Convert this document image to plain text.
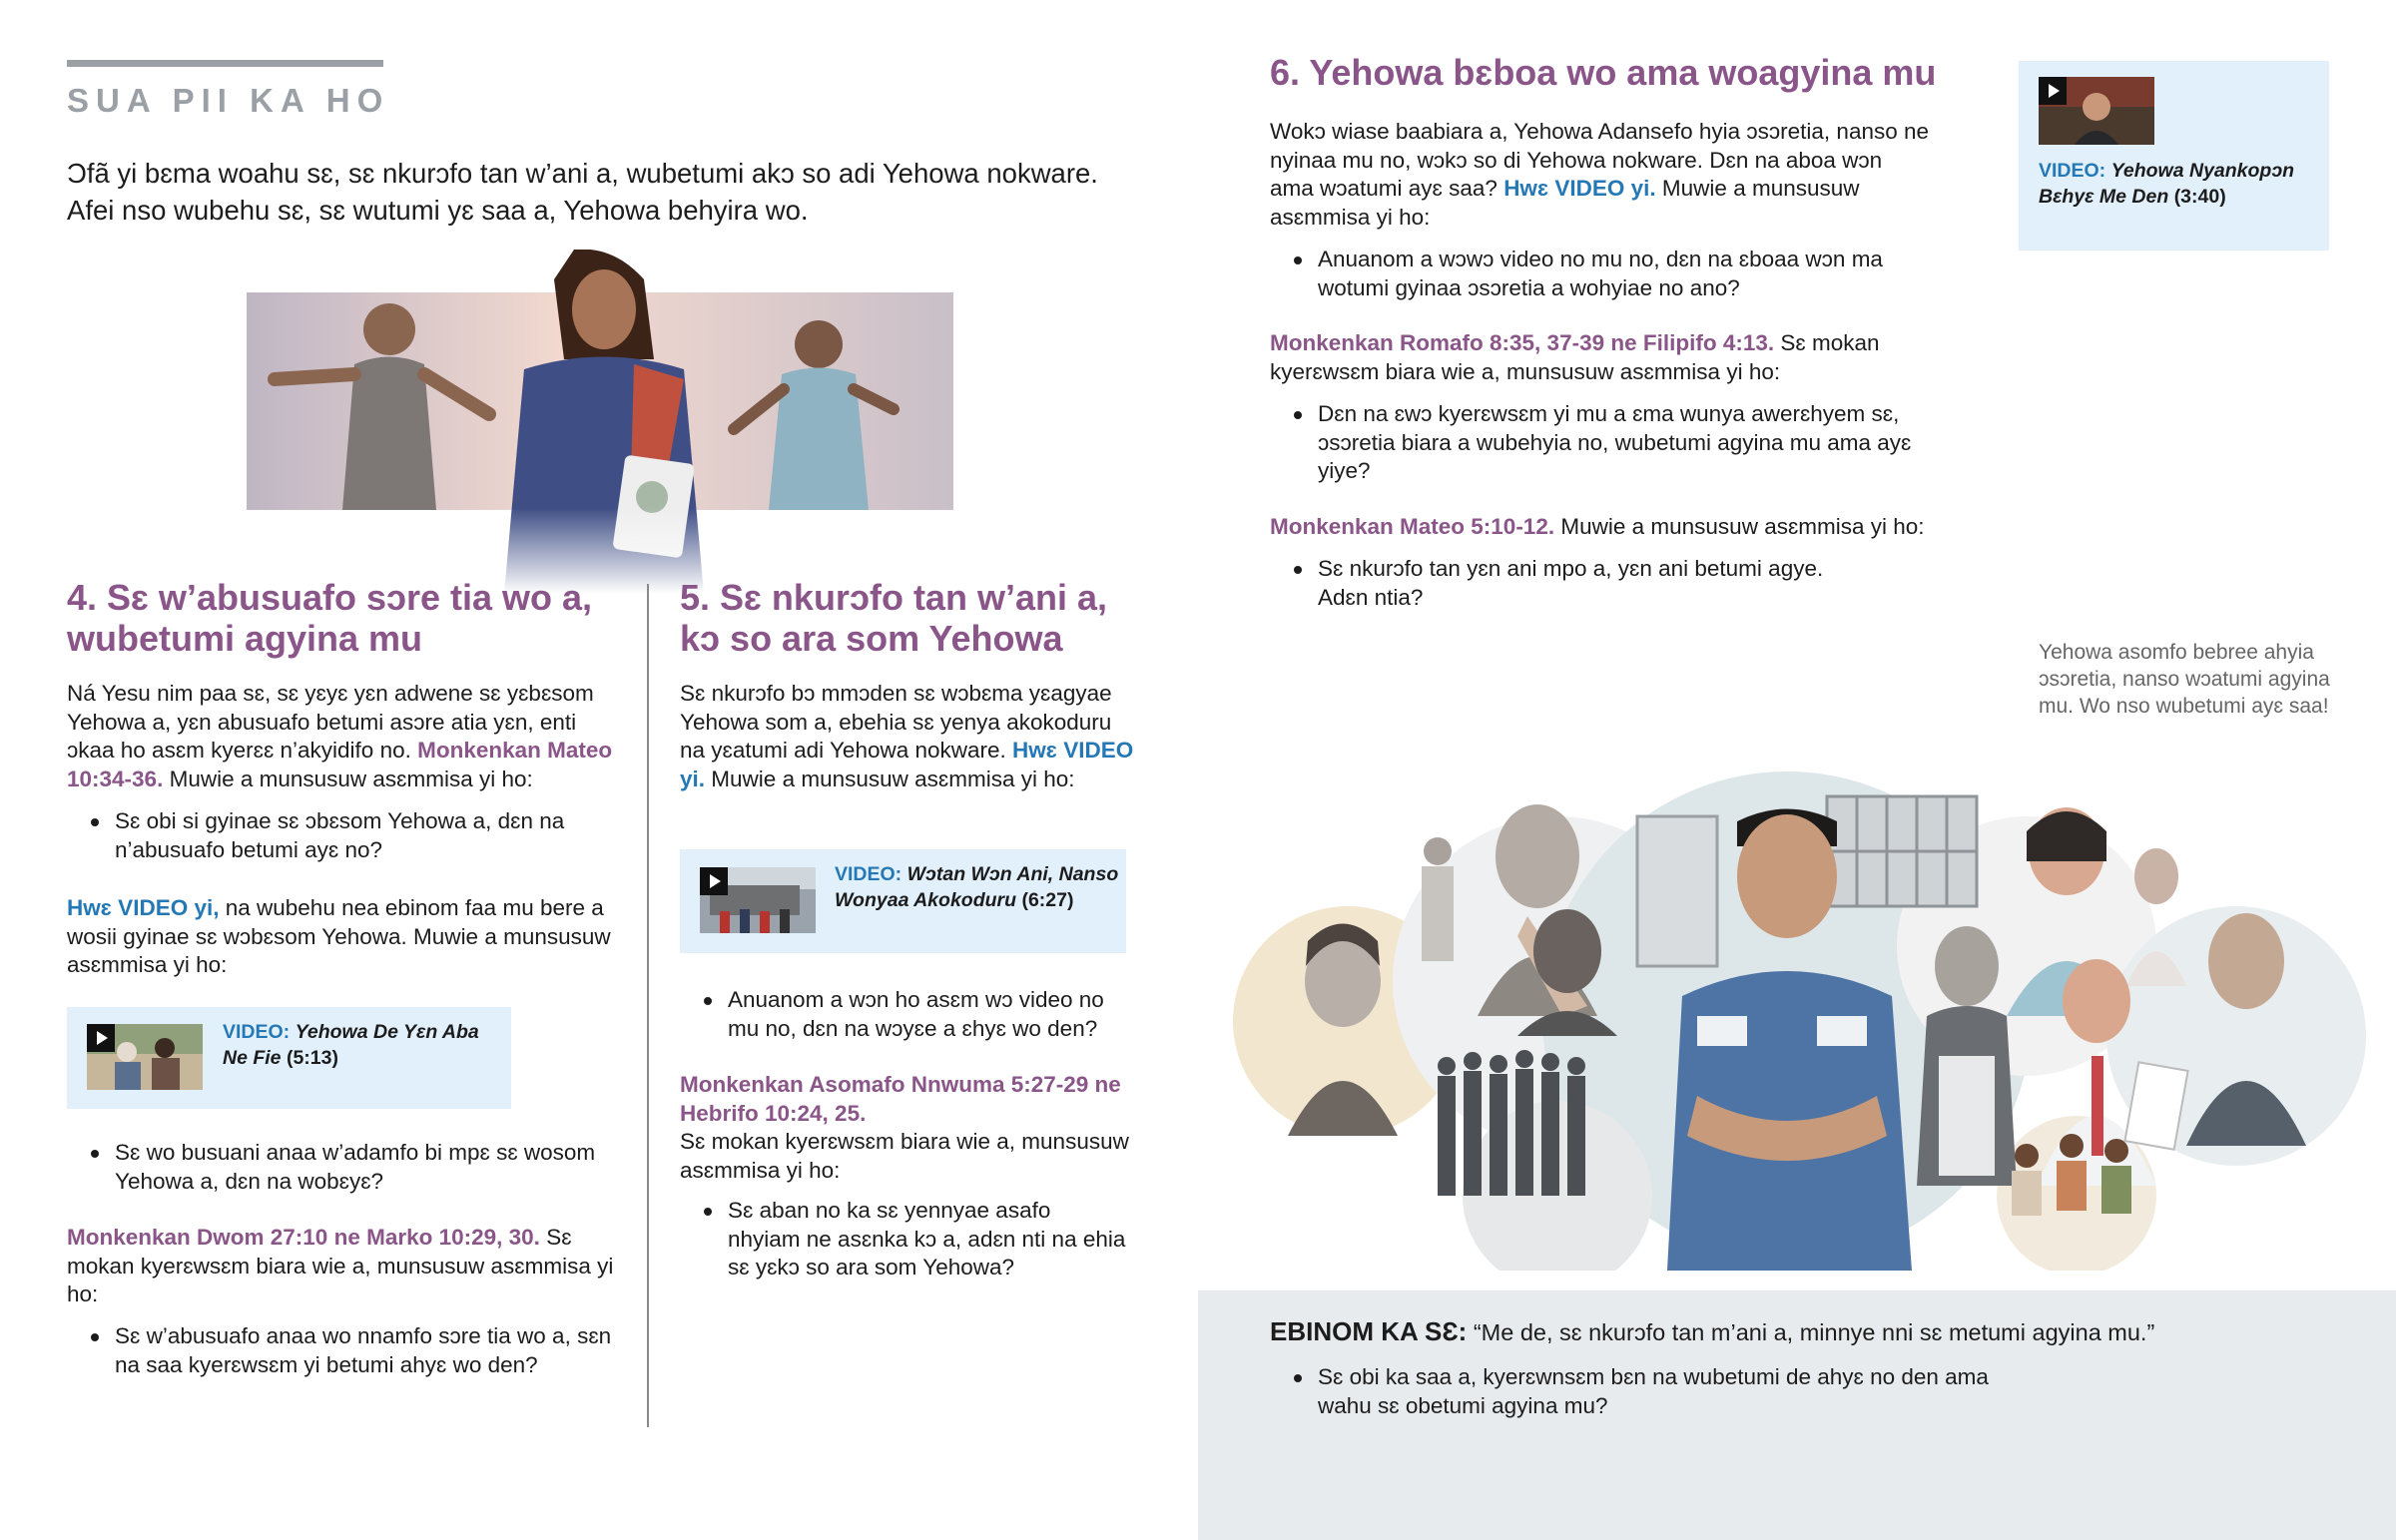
SUA PII KA HO
Ɔfã yi bɛma woahu sɛ, sɛ nkurɔfo tan w’ani a, wubetumi akɔ so adi Yehowa nokware.
Afei nso wubehu sɛ, sɛ wutumi yɛ saa a, Yehowa behyira wo.
4. Sɛ w’abusuafo sɔre tia wo a,
wubetumi agyina mu
Ná Yesu nim paa sɛ, sɛ yɛyɛ yɛn adwene sɛ yɛbɛsom Yehowa a, yɛn abusuafo betumi asɔre atia yɛn, enti ɔkaa ho asɛm kyerɛɛ n’akyidifo no. Monkenkan Mateo 10:34-36. Muwie a munsusuw asɛmmisa yi ho:
Sɛ obi si gyinae sɛ ɔbɛsom Yehowa a, dɛn na n’abusuafo betumi ayɛ no?
Hwɛ VIDEO yi, na wubehu nea ebinom faa mu bere a wosii gyinae sɛ wɔbɛsom Yehowa. Muwie a munsusuw asɛmmisa yi ho:
VIDEO: Yehowa De Yɛn Aba Ne Fie (5:13)
Sɛ wo busuani anaa w’adamfo bi mpɛ sɛ wosom Yehowa a, dɛn na wobɛyɛ?
Monkenkan Dwom 27:10 ne Marko 10:29, 30. Sɛ mokan kyerɛwsɛm biara wie a, munsusuw asɛmmisa yi ho:
Sɛ w’abusuafo anaa wo nnamfo sɔre tia wo a, sɛn na saa kyerɛwsɛm yi betumi ahyɛ wo den?
5. Sɛ nkurɔfo tan w’ani a,
kɔ so ara som Yehowa
Sɛ nkurɔfo bɔ mmɔden sɛ wɔbɛma yɛagyae Yehowa som a, ebehia sɛ yenya akokoduru na yɛatumi adi Yehowa nokware. Hwɛ VIDEO yi. Muwie a munsusuw asɛmmisa yi ho:
VIDEO: Wɔtan Wɔn Ani, Nanso Wonyaa Akokoduru (6:27)
Anuanom a wɔn ho asɛm wɔ video no mu no, dɛn na wɔyɛe a ɛhyɛ wo den?
Monkenkan Asomafo Nnwuma 5:27-29 ne Hebrifo 10:24, 25.
Sɛ mokan kyerɛwsɛm biara wie a, munsusuw asɛmmisa yi ho:
Sɛ aban no ka sɛ yennyae asafo nhyiam ne asɛnka kɔ a, adɛn nti na ehia sɛ yɛkɔ so ara som Yehowa?
6. Yehowa bɛboa wo ama woagyina mu
Wokɔ wiase baabiara a, Yehowa Adansefo hyia ɔsɔretia, nanso ne nyinaa mu no, wɔkɔ so di Yehowa nokware. Dɛn na aboa wɔn ama wɔatumi ayɛ saa? Hwɛ VIDEO yi. Muwie a munsusuw asɛmmisa yi ho:
Anuanom a wɔwɔ video no mu no, dɛn na ɛboaa wɔn ma wotumi gyinaa ɔsɔretia a wohyiae no ano?
Monkenkan Romafo 8:35, 37-39 ne Filipifo 4:13. Sɛ mokan kyerɛwsɛm biara wie a, munsusuw asɛmmisa yi ho:
Dɛn na ɛwɔ kyerɛwsɛm yi mu a ɛma wunya awerɛhyem sɛ, ɔsɔretia biara a wubehyia no, wubetumi agyina mu ama ayɛ yiye?
Monkenkan Mateo 5:10-12. Muwie a munsusuw asɛmmisa yi ho:
Sɛ nkurɔfo tan yɛn ani mpo a, yɛn ani betumi agye. Adɛn ntia?
VIDEO: Yehowa Nyankopɔn Bɛhyɛ Me Den (3:40)
Yehowa asomfo bebree ahyia ɔsɔretia, nanso wɔatumi agyina mu. Wo nso wubetumi ayɛ saa!
EBINOM KA SƐ: “Me de, sɛ nkurɔfo tan m’ani a, minnye nni sɛ metumi agyina mu.”
Sɛ obi ka saa a, kyerɛwnsɛm bɛn na wubetumi de ahyɛ no den ama wahu sɛ obetumi agyina mu?
